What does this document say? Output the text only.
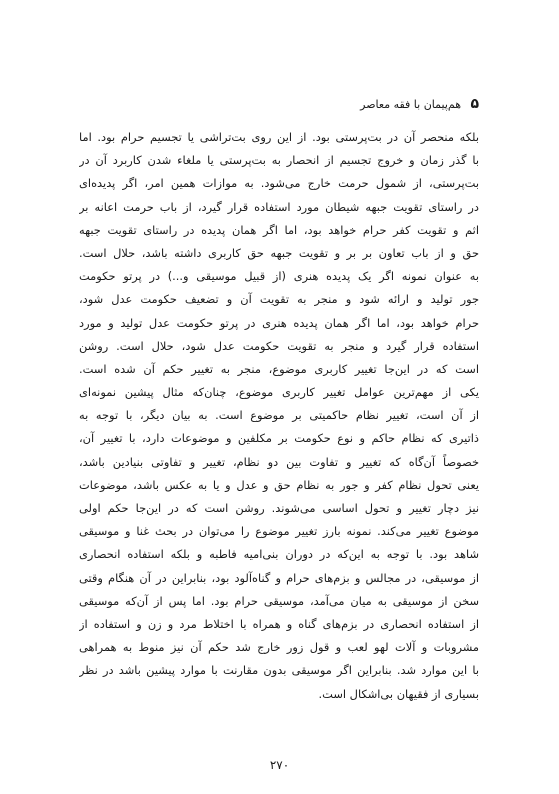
۵
هم‌پیمان با فقه معاصر
بلکه منحصر آن در بت‌پرستی بود. از این روی بت‌تراشی یا تجسیم حرام بود. اما
با گذر زمان و خروج تجسیم از انحصار به بت‌پرستی یا ملغاء شدن کاربرد آن در
بت‌پرستی، از شمول حرمت خارج می‌شود. به موازات همین امر، اگر پدیده‌ای
در راستای تقویت جبهه شیطان مورد استفاده قرار گیرد، از باب حرمت اعانه بر
اثم و تقویت کفر حرام خواهد بود، اما اگر همان پدیده در راستای تقویت جبهه
حق و از باب تعاون بر بر و تقویت جبهه حق کاربری داشته باشد، حلال است.
به عنوان نمونه اگر یک پدیده هنری (از قبیل موسیقی و...) در پرتو حکومت
جور تولید و ارائه شود و منجر به تقویت آن و تضعیف حکومت عدل شود،
حرام خواهد بود، اما اگر همان پدیده هنری در پرتو حکومت عدل تولید و مورد
استفاده قرار گیرد و منجر به تقویت حکومت عدل شود، حلال است. روشن
است که در این‌جا تغییر کاربری موضوع، منجر به تغییر حکم آن شده است.
یکی از مهم‌ترین عوامل تغییر کاربری موضوع، چنان‌که مثال پیشین نمونه‌ای
از آن است، تغییر نظام حاکمیتی بر موضوع است. به بیان دیگر، با توجه به
ذاتیری که نظام حاکم و نوع حکومت بر مکلفین و موضوعات دارد، با تغییر آن،
خصوصاً آن‌گاه که تغییر و تفاوت بین دو نظام، تغییر و تفاوتی بنیادین باشد،
یعنی تحول نظام کفر و جور به نظام حق و عدل و یا به عکس باشد، موضوعات
نیز دچار تغییر و تحول اساسی می‌شوند. روشن است که در این‌جا حکم اولی
موضوع تغییر می‌کند. نمونه بارز تغییر موضوع را می‌توان در بحث غنا و موسیقی
شاهد بود. با توجه به این‌که در دوران بنی‌امیه فاطبه و بلکه استفاده انحصاری
از موسیقی، در مجالس و بزم‌های حرام و گناه‌آلود بود، بنابراین در آن هنگام وقتی
سخن از موسیقی به میان می‌آمد، موسیقی حرام بود. اما پس از آن‌که موسیقی
از استفاده انحصاری در بزم‌های گناه و همراه با اختلاط مرد و زن و استفاده از
مشروبات و آلات لهو لعب و قول زور خارج شد حکم آن نیز منوط به همراهی
با این موارد شد. بنابراین اگر موسیقی بدون مقارنت با موارد پیشین باشد در نظر
بسیاری از فقیهان بی‌اشکال است.
۲۷۰
